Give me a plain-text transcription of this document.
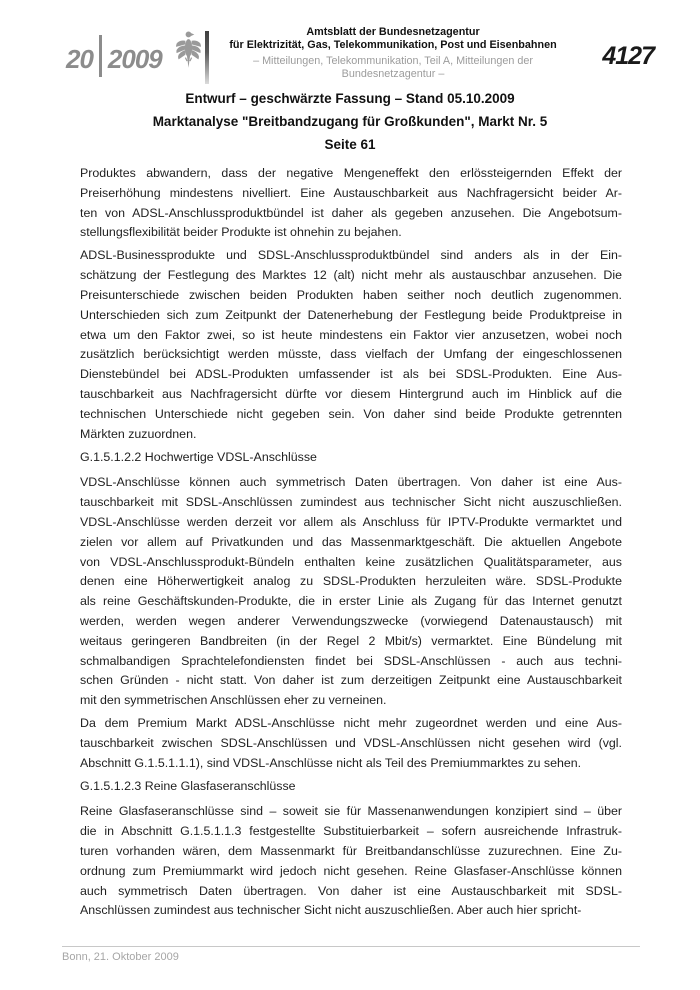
20 2009
Amtsblatt der Bundesnetzagentur
für Elektrizität, Gas, Telekommunikation, Post und Eisenbahnen
– Mitteilungen, Telekommunikation, Teil A, Mitteilungen der Bundesnetzagentur –
4127
Entwurf – geschwärzte Fassung – Stand 05.10.2009
Marktanalyse "Breitbandzugang für Großkunden", Markt Nr. 5
Seite 61
Produktes abwandern, dass der negative Mengeneffekt den erlössteigernden Effekt der
Preiserhöhung mindestens nivelliert. Eine Austauschbarkeit aus Nachfragersicht beider Ar-
ten von ADSL-Anschlussproduktbündel ist daher als gegeben anzusehen. Die Angebotsum-
stellungsflexibilität beider Produkte ist ohnehin zu bejahen.
ADSL-Businessprodukte und SDSL-Anschlussproduktbündel sind anders als in der Ein-
schätzung der Festlegung des Marktes 12 (alt) nicht mehr als austauschbar anzusehen. Die
Preisunterschiede zwischen beiden Produkten haben seither noch deutlich zugenommen.
Unterschieden sich zum Zeitpunkt der Datenerhebung der Festlegung beide Produktpreise in
etwa um den Faktor zwei, so ist heute mindestens ein Faktor vier anzusetzen, wobei noch
zusätzlich berücksichtigt werden müsste, dass vielfach der Umfang der eingeschlossenen
Dienstebündel bei ADSL-Produkten umfassender ist als bei SDSL-Produkten. Eine Aus-
tauschbarkeit aus Nachfragersicht dürfte vor diesem Hintergrund auch im Hinblick auf die
technischen Unterschiede nicht gegeben sein. Von daher sind beide Produkte getrennten
Märkten zuzuordnen.
G.1.5.1.2.2 Hochwertige VDSL-Anschlüsse
VDSL-Anschlüsse können auch symmetrisch Daten übertragen. Von daher ist eine Aus-
tauschbarkeit mit SDSL-Anschlüssen zumindest aus technischer Sicht nicht auszuschließen.
VDSL-Anschlüsse werden derzeit vor allem als Anschluss für IPTV-Produkte vermarktet und
zielen vor allem auf Privatkunden und das Massenmarktgeschäft. Die aktuellen Angebote
von VDSL-Anschlussprodukt-Bündeln enthalten keine zusätzlichen Qualitätsparameter, aus
denen eine Höherwertigkeit analog zu SDSL-Produkten herzuleiten wäre. SDSL-Produkte
als reine Geschäftskunden-Produkte, die in erster Linie als Zugang für das Internet genutzt
werden, werden wegen anderer Verwendungszwecke (vorwiegend Datenaustausch) mit
weitaus geringeren Bandbreiten (in der Regel 2 Mbit/s) vermarktet. Eine Bündelung mit
schmalbandigen Sprachtelefondiensten findet bei SDSL-Anschlüssen - auch aus techni-
schen Gründen - nicht statt. Von daher ist zum derzeitigen Zeitpunkt eine Austauschbarkeit
mit den symmetrischen Anschlüssen eher zu verneinen.
Da dem Premium Markt ADSL-Anschlüsse nicht mehr zugeordnet werden und eine Aus-
tauschbarkeit zwischen SDSL-Anschlüssen und VDSL-Anschlüssen nicht gesehen wird (vgl.
Abschnitt G.1.5.1.1.1), sind VDSL-Anschlüsse nicht als Teil des Premiummarktes zu sehen.
G.1.5.1.2.3 Reine Glasfaseranschlüsse
Reine Glasfaseranschlüsse sind – soweit sie für Massenanwendungen konzipiert sind – über
die in Abschnitt G.1.5.1.1.3 festgestellte Substituierbarkeit – sofern ausreichende Infrastruk-
turen vorhanden wären, dem Massenmarkt für Breitbandanschlüsse zuzurechnen. Eine Zu-
ordnung zum Premiummarkt wird jedoch nicht gesehen. Reine Glasfaser-Anschlüsse können
auch symmetrisch Daten übertragen. Von daher ist eine Austauschbarkeit mit SDSL-
Anschlüssen zumindest aus technischer Sicht nicht auszuschließen. Aber auch hier spricht-
Bonn, 21. Oktober 2009
